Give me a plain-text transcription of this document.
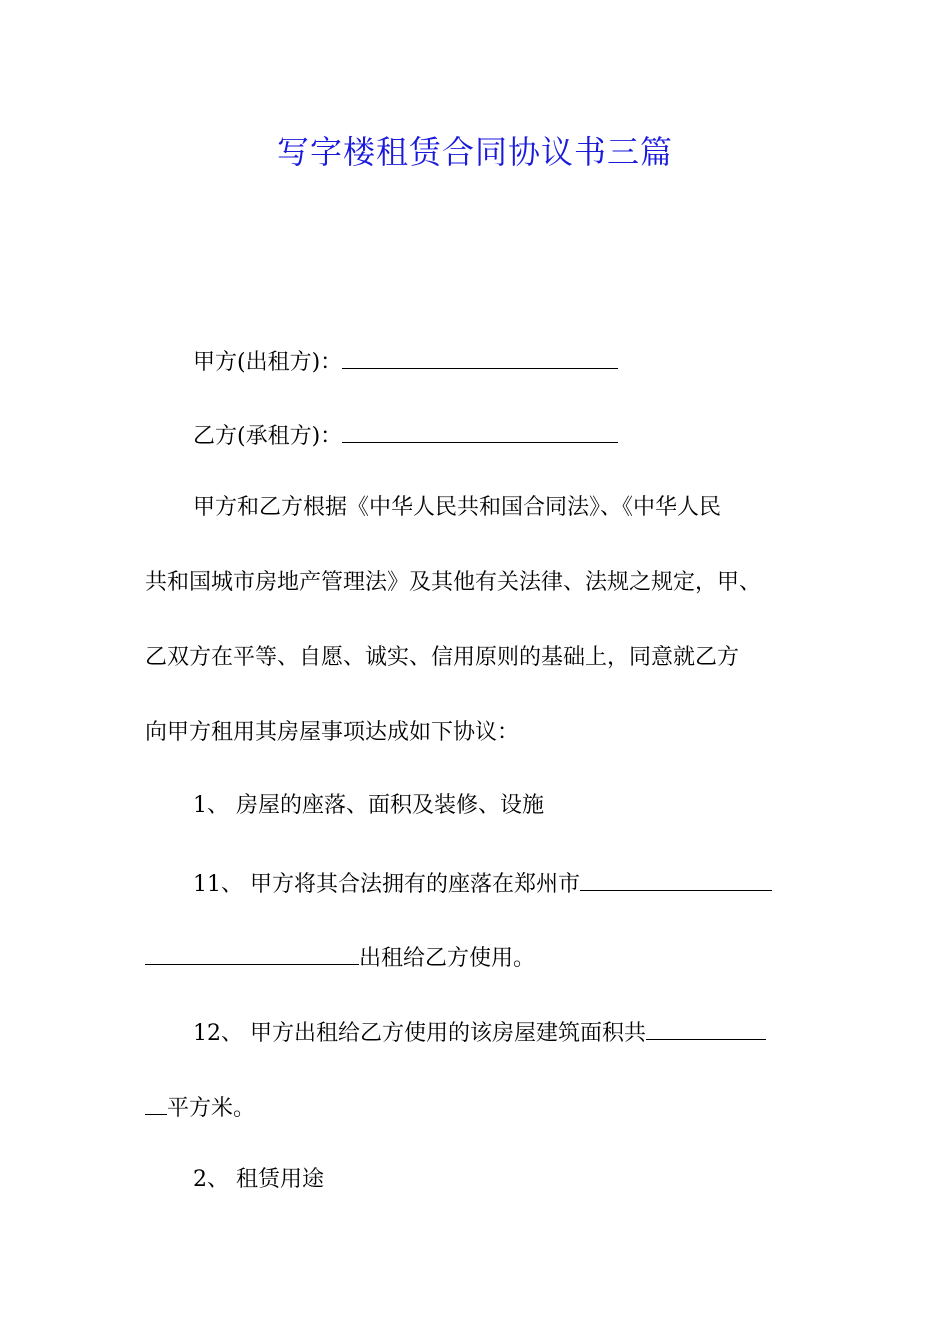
写字楼租赁合同协议书三篇

甲方(出租方)：

乙方(承租方)：

甲方和乙方根据《中华人民共和国合同法》、《中华人民

共和国城市房地产管理法》及其他有关法律、法规之规定，甲、

乙双方在平等、自愿、诚实、信用原则的基础上，同意就乙方

向甲方租用其房屋事项达成如下协议：

1、 房屋的座落、面积及装修、设施

11、 甲方将其合法拥有的座落在郑州市

出租给乙方使用。

12、 甲方出租给乙方使用的该房屋建筑面积共

平方米。

2、 租赁用途
